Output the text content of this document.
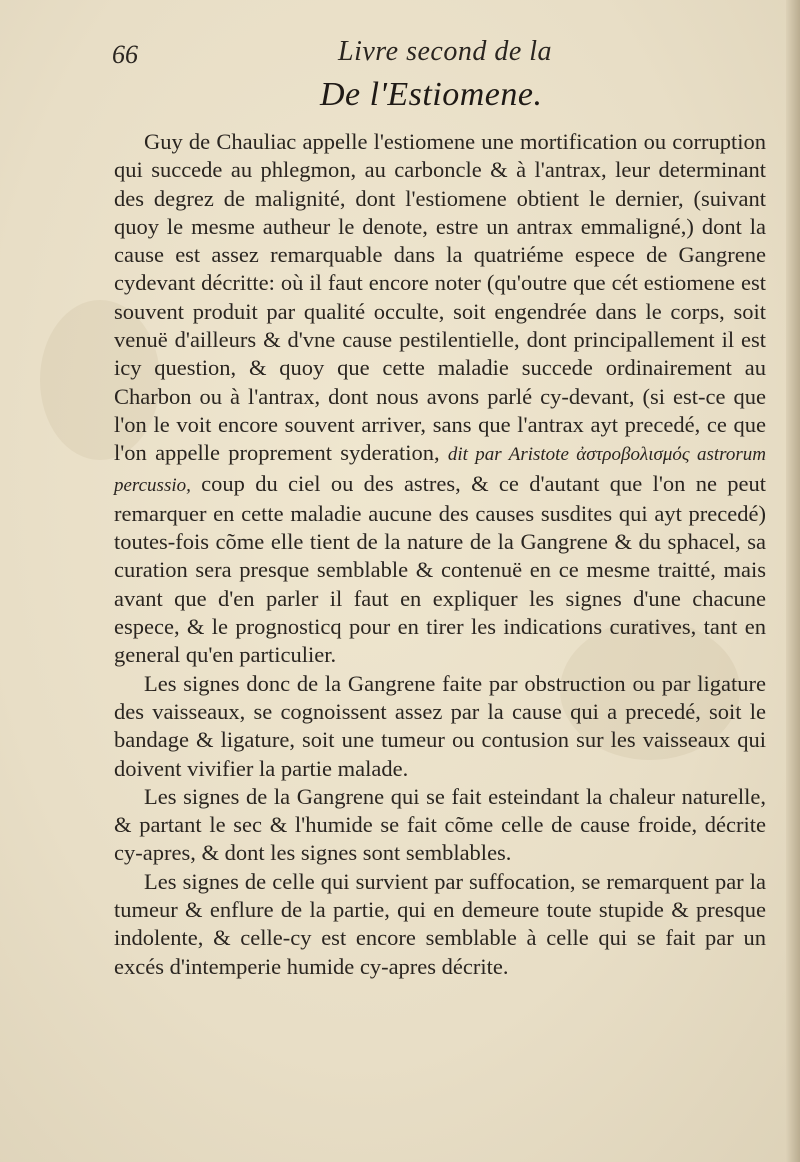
66	Livre second de la
De l'Estiomene.

Guy de Chauliac appelle l'estiomene une mortification ou corruption qui succede au phlegmon, au carboncle & à l'antrax, leur determinant des degrez de malignité, dont l'estiomene obtient le dernier, (suivant quoy le mesme autheur le denote, estre un antrax emmaligné,) dont la cause est assez remarquable dans la quatriéme espece de Gangrene cydevant décritte: où il faut encore noter (qu'outre que cét estiomene est souvent produit par qualité occulte, soit engendrée dans le corps, soit venuë d'ailleurs & d'vne cause pestilentielle, dont principallement il est icy question, & quoy que cette maladie succede ordinairement au Charbon ou à l'antrax, dont nous avons parlé cy-devant, (si est-ce que l'on le voit encore souvent arriver, sans que l'antrax ayt precedé, ce que l'on appelle proprement syderation, dit par Aristote ἀστροβολισμός astrorum percussio, coup du ciel ou des astres, & ce d'autant que l'on ne peut remarquer en cette maladie aucune des causes susdites qui ayt precedé) toutes-fois cõme elle tient de la nature de la Gangrene & du sphacel, sa curation sera presque semblable & contenuë en ce mesme traitté, mais avant que d'en parler il faut en expliquer les signes d'une chacune espece, & le prognosticq pour en tirer les indications curatives, tant en general qu'en particulier.

Les signes donc de la Gangrene faite par obstruction ou par ligature des vaisseaux, se cognoissent assez par la cause qui a precedé, soit le bandage & ligature, soit une tumeur ou contusion sur les vaisseaux qui doivent vivifier la partie malade.

Les signes de la Gangrene qui se fait esteindant la chaleur naturelle, & partant le sec & l'humide se fait cõme celle de cause froide, décrite cy-apres, & dont les signes sont semblables.

Les signes de celle qui survient par suffocation, se remarquent par la tumeur & enflure de la partie, qui en demeure toute stupide & presque indolente, & celle-cy est encore semblable à celle qui se fait par un excés d'intemperie humide cy-apres décrite.
